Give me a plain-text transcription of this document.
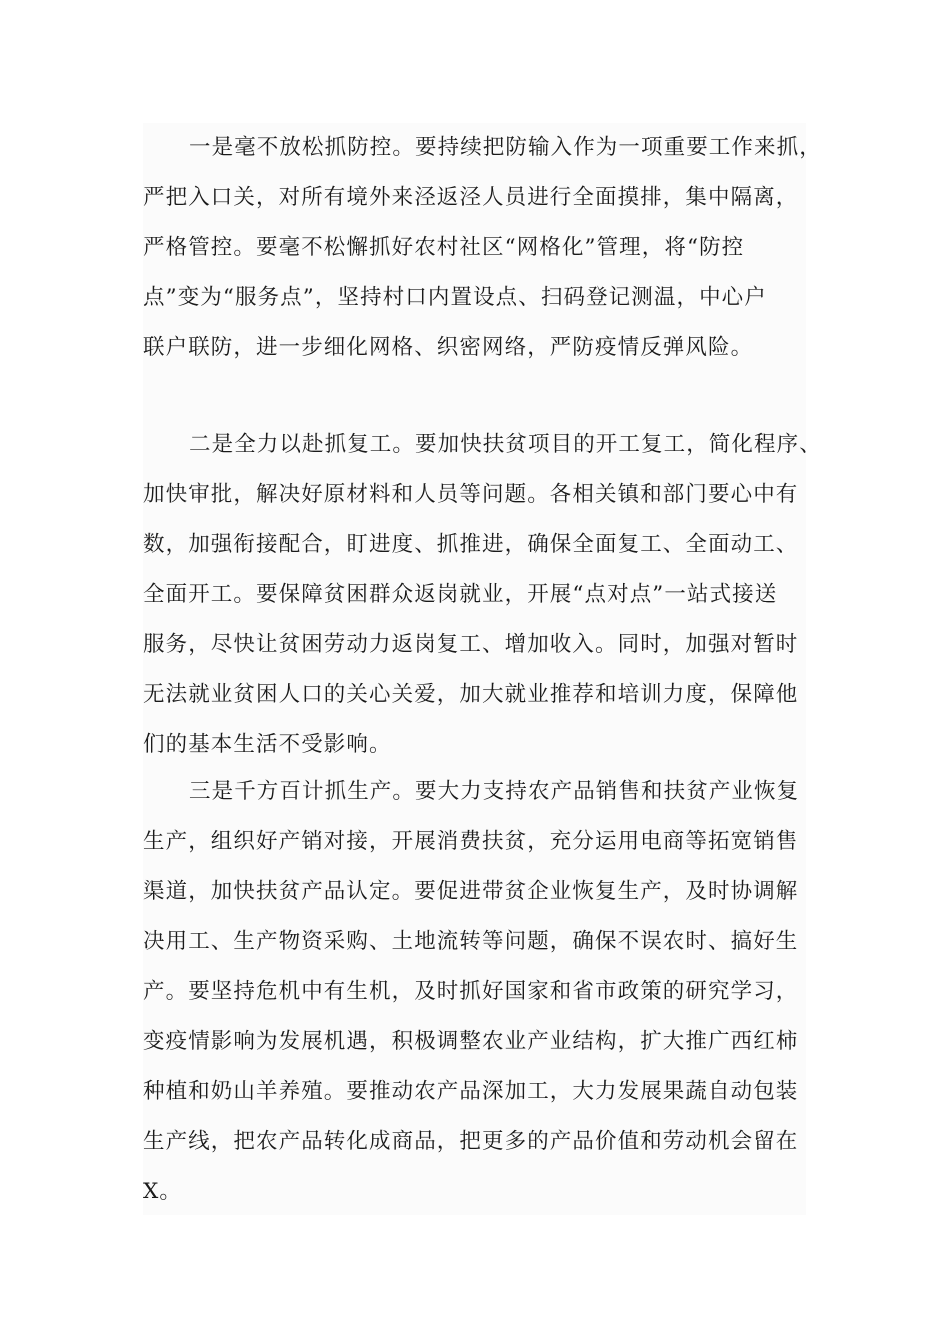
一是毫不放松抓防控。要持续把防输入作为一项重要工作来抓，
严把入口关，对所有境外来泾返泾人员进行全面摸排，集中隔离，
严格管控。要毫不松懈抓好农村社区“网格化”管理，将“防控
点”变为“服务点”，坚持村口内置设点、扫码登记测温，中心户
联户联防，进一步细化网格、织密网络，严防疫情反弹风险。
二是全力以赴抓复工。要加快扶贫项目的开工复工，简化程序、
加快审批，解决好原材料和人员等问题。各相关镇和部门要心中有
数，加强衔接配合，盯进度、抓推进，确保全面复工、全面动工、
全面开工。要保障贫困群众返岗就业，开展“点对点”一站式接送
服务，尽快让贫困劳动力返岗复工、增加收入。同时，加强对暂时
无法就业贫困人口的关心关爱，加大就业推荐和培训力度，保障他
们的基本生活不受影响。
三是千方百计抓生产。要大力支持农产品销售和扶贫产业恢复
生产，组织好产销对接，开展消费扶贫，充分运用电商等拓宽销售
渠道，加快扶贫产品认定。要促进带贫企业恢复生产，及时协调解
决用工、生产物资采购、土地流转等问题，确保不误农时、搞好生
产。要坚持危机中有生机，及时抓好国家和省市政策的研究学习，
变疫情影响为发展机遇，积极调整农业产业结构，扩大推广西红柿
种植和奶山羊养殖。要推动农产品深加工，大力发展果蔬自动包装
生产线，把农产品转化成商品，把更多的产品价值和劳动机会留在
X。
